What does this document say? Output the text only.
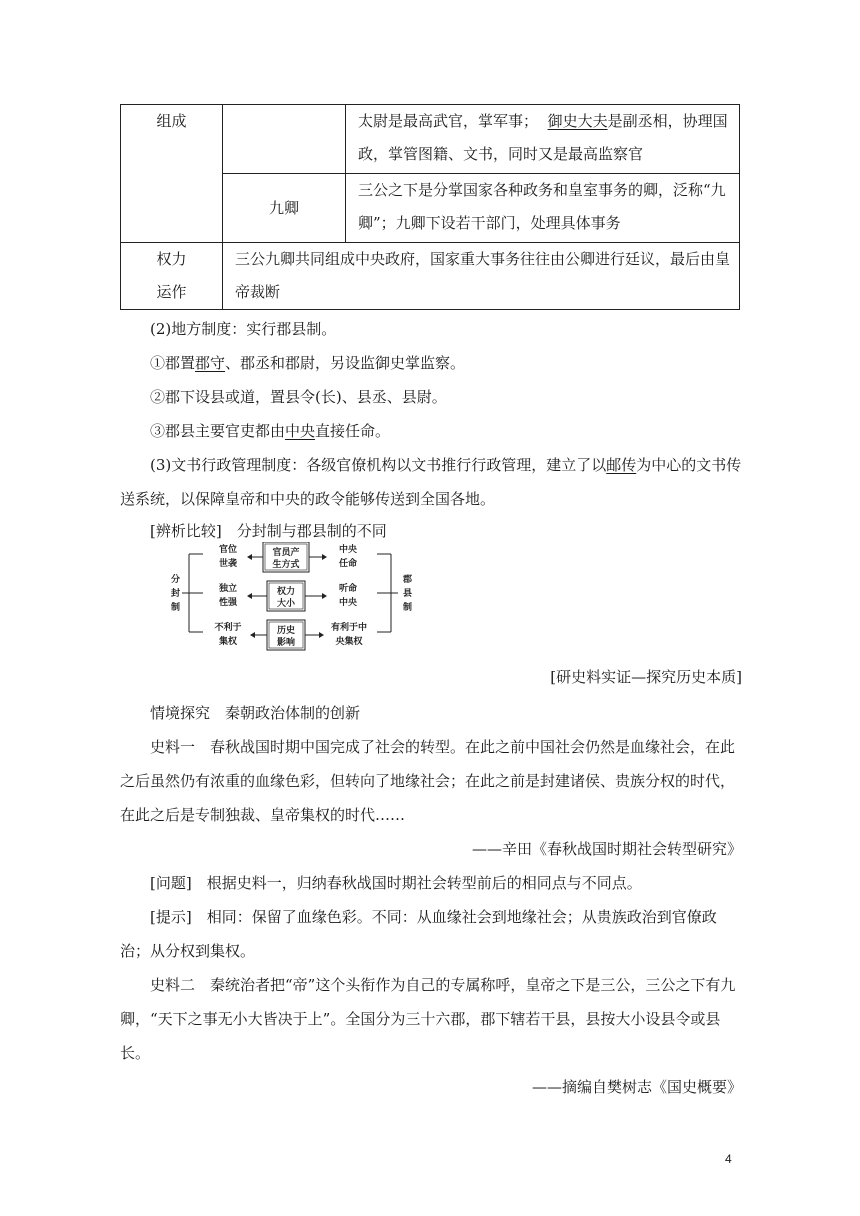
组成		太尉是最高武官，掌军事； 御史大夫是副丞相，协理国政，掌管图籍、文书，同时又是最高监察官
	九卿	三公之下是分掌国家各种政务和皇室事务的卿，泛称“九卿”；九卿下设若干部门，处理具体事务

权力
运作	三公九卿共同组成中央政府，国家重大事务往往由公卿进行廷议，最后由皇帝裁断	
(2)地方制度：实行郡县制。
①郡置郡守、郡丞和郡尉，另设监御史掌监察。
②郡下设县或道，置县令(长)、县丞、县尉。
③郡县主要官吏都由中央直接任命。
(3)文书行政管理制度：各级官僚机构以文书推行行政管理，建立了以邮传为中心的文书传送系统，以保障皇帝和中央的政令能够传送到全国各地。
[辨析比较]　分封制与郡县制的不同
分
封
制
郡
县
制
官位
世袭
官员产
生方式
中央
任命
独立
性强
权力
大小
听命
中央
不利于
集权
历史
影响
有利于中
央集权
[研史料实证—探究历史本质]
情境探究　秦朝政治体制的创新
史料一　春秋战国时期中国完成了社会的转型。在此之前中国社会仍然是血缘社会，在此之后虽然仍有浓重的血缘色彩，但转向了地缘社会；在此之前是封建诸侯、贵族分权的时代，在此之后是专制独裁、皇帝集权的时代……
——辛田《春秋战国时期社会转型研究》
[问题]　根据史料一，归纳春秋战国时期社会转型前后的相同点与不同点。
[提示]　相同：保留了血缘色彩。不同：从血缘社会到地缘社会；从贵族政治到官僚政治；从分权到集权。
史料二　秦统治者把“帝”这个头衔作为自己的专属称呼，皇帝之下是三公，三公之下有九卿，“天下之事无小大皆决于上”。全国分为三十六郡，郡下辖若干县，县按大小设县令或县长。
——摘编自樊树志《国史概要》
4
